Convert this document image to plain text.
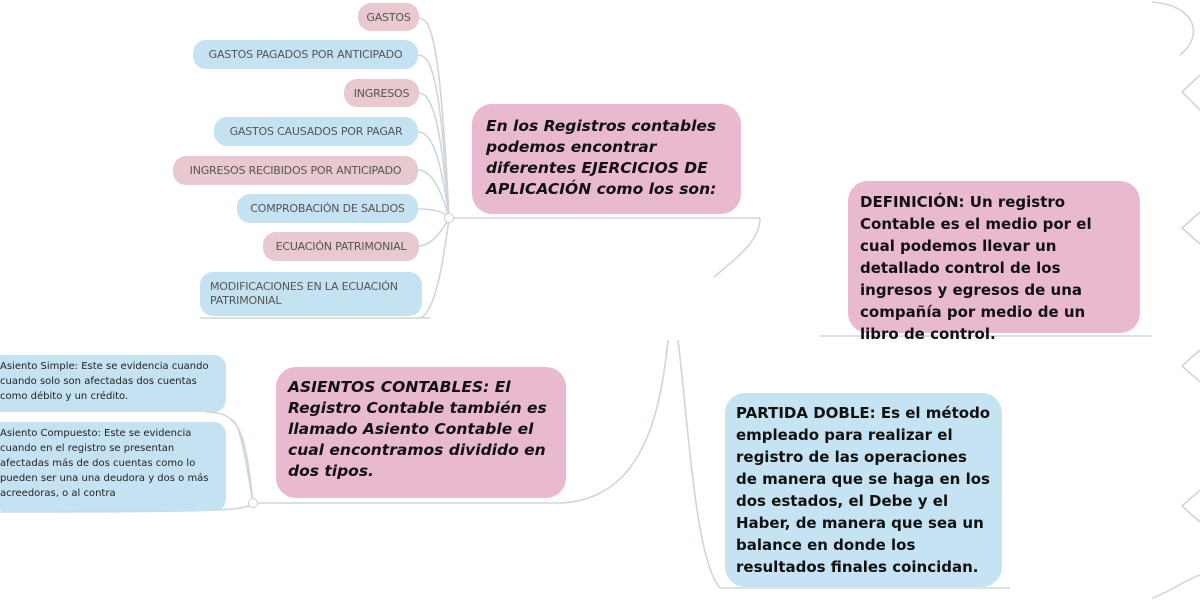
GASTOS
GASTOS PAGADOS POR ANTICIPADO
INGRESOS
GASTOS CAUSADOS POR PAGAR
INGRESOS RECIBIDOS POR ANTICIPADO
COMPROBACIÓN DE SALDOS
ECUACIÓN PATRIMONIAL
MODIFICACIONES EN LA ECUACIÓN PATRIMONIAL
En los Registros contables podemos encontrar diferentes EJERCICIOS DE APLICACIÓN como los son:
DEFINICIÓN: Un registro Contable es el medio por el cual podemos llevar un detallado control de los ingresos y egresos de una compañía por medio de un libro de control.
ASIENTOS CONTABLES: El Registro Contable también es llamado Asiento Contable el cual encontramos dividido en dos tipos.
PARTIDA DOBLE: Es el método empleado para realizar el registro de las operaciones de manera que se haga en los dos estados, el Debe y el Haber, de manera que sea un balance en donde los resultados finales coincidan.
Asiento Simple: Este se evidencia cuando cuando solo son afectadas dos cuentas como débito y un crédito.
Asiento Compuesto: Este se evidencia cuando en el registro se presentan afectadas más de dos cuentas como lo pueden ser una una deudora y dos o más acreedoras, o al contra
